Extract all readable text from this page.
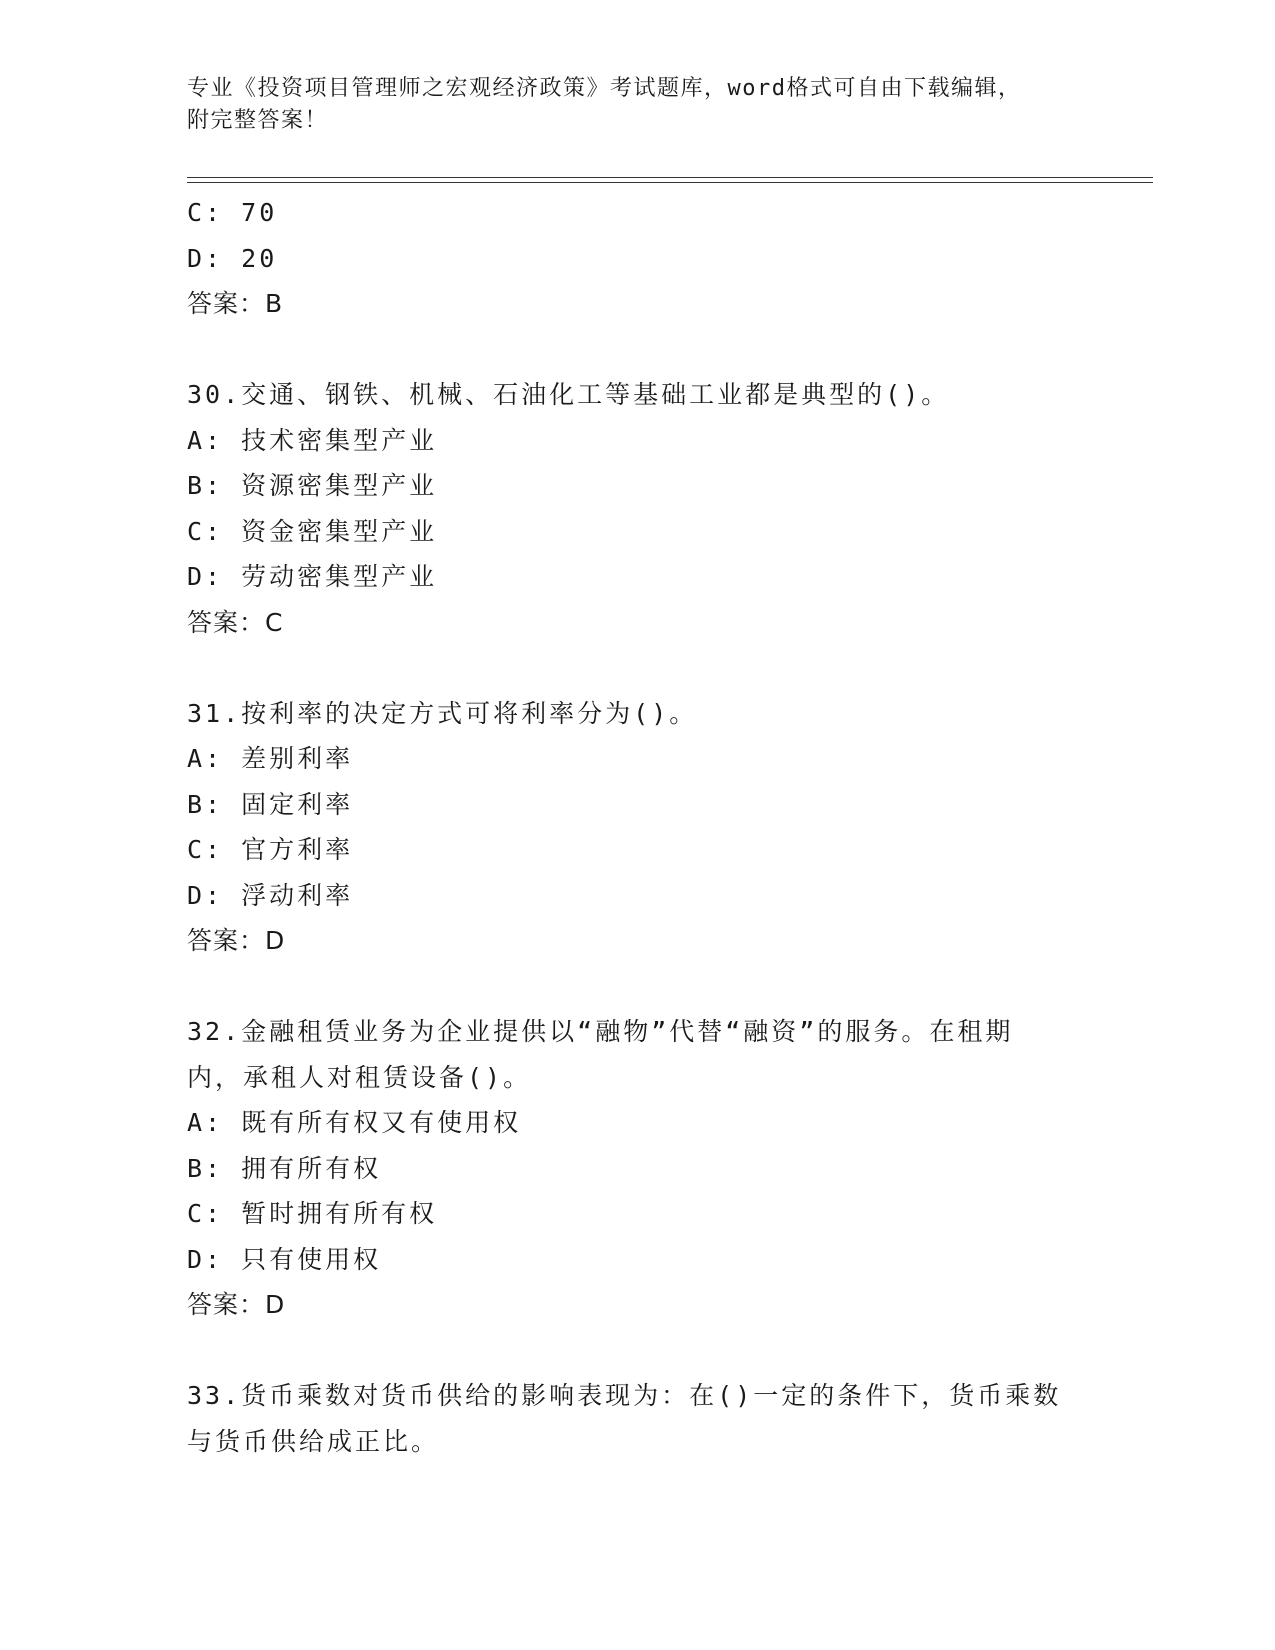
专业《投资项目管理师之宏观经济政策》考试题库，word格式可自由下载编辑，
附完整答案！
C: 70
D: 20
答案：B
30.交通、钢铁、机械、石油化工等基础工业都是典型的()。
A: 技术密集型产业
B: 资源密集型产业
C: 资金密集型产业
D: 劳动密集型产业
答案：C
31.按利率的决定方式可将利率分为()。
A: 差别利率
B: 固定利率
C: 官方利率
D: 浮动利率
答案：D
32.金融租赁业务为企业提供以“融物”代替“融资”的服务。在租期
内，承租人对租赁设备()。
A: 既有所有权又有使用权
B: 拥有所有权
C: 暂时拥有所有权
D: 只有使用权
答案：D
33.货币乘数对货币供给的影响表现为：在()一定的条件下，货币乘数
与货币供给成正比。
